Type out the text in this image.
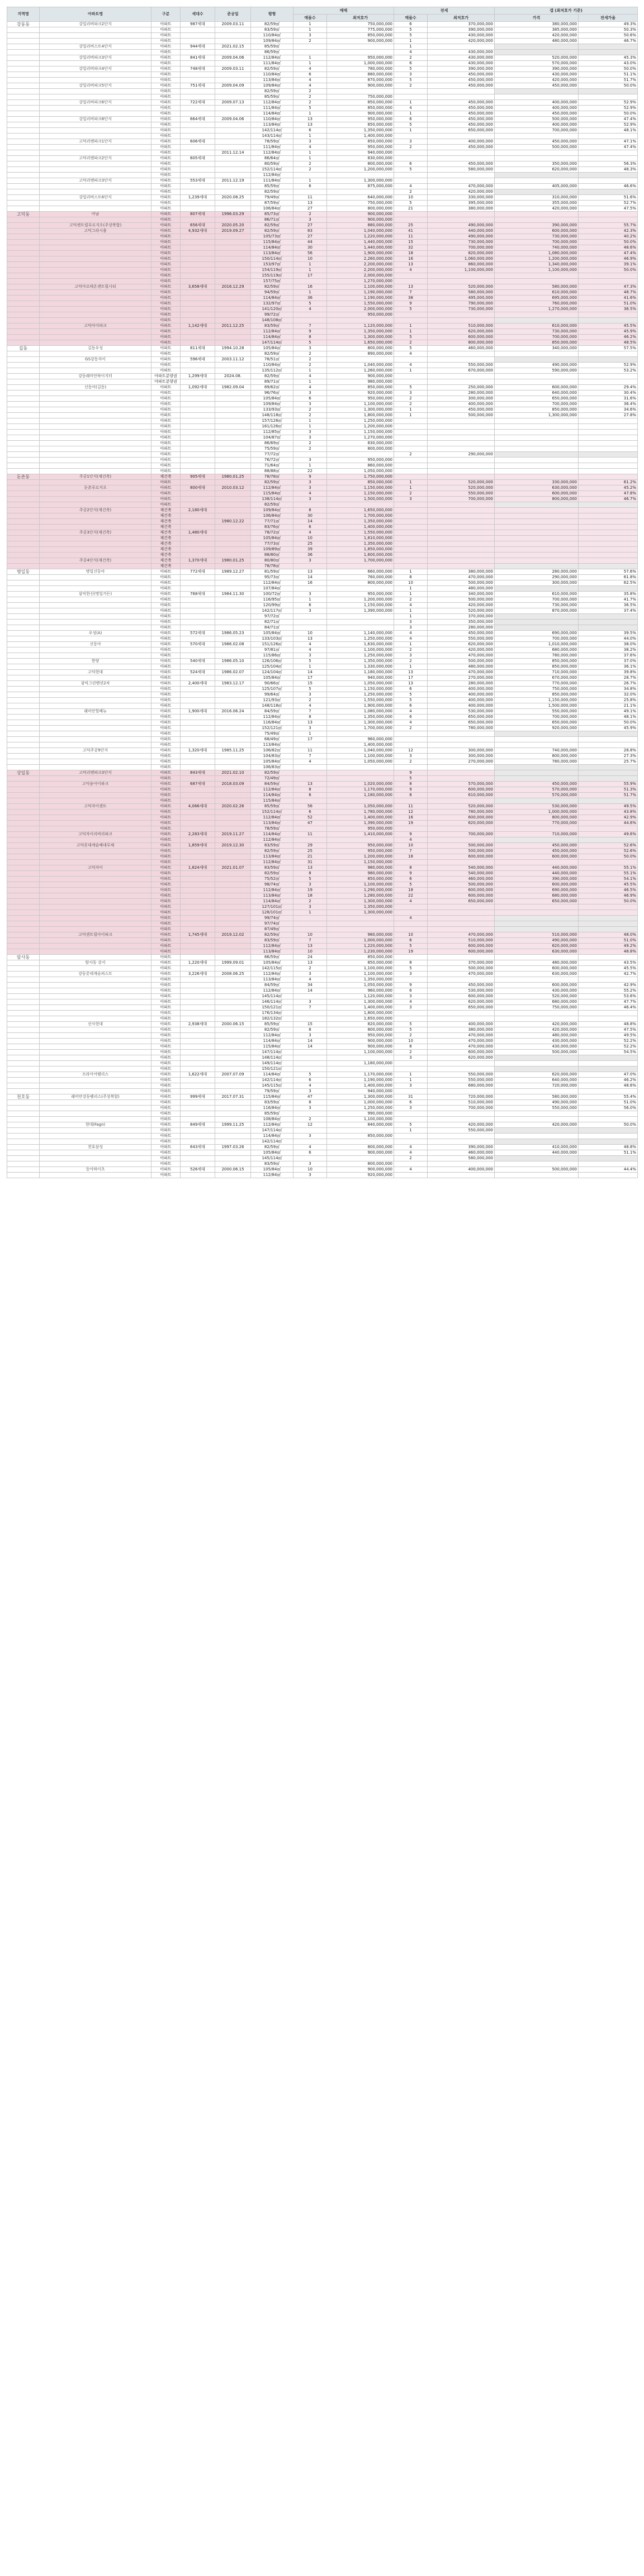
지역명	아파트명	구분	세대수	준공일	평형	매매		전세		갭 (최저호가 기준)	
						매물수	최저호가	매물수	최저호가	가격	전세가율
강동동	강일리버파크2단지	아파트	987세대	2009.03.11	82/59㎡	1	750,000,000	6	370,000,000	380,000,000	49.3%
		아파트			83/59㎡	1	775,000,000	5	390,000,000	385,000,000	50.3%
		아파트			110/84㎡	3	850,000,000	5	430,000,000	420,000,000	50.6%
		아파트			109/84㎡	2	900,000,000	1	420,000,000	480,000,000	46.7%
	강일리버스트4단지	아파트	944세대	2021.02.15	85/59㎡			1			
		아파트			86/59㎡			4	430,000,000		
	강일리버파크3단지	아파트	841세대	2009.04.06	112/84㎡	1	950,000,000	2	430,000,000	520,000,000	45.3%
		아파트			111/84㎡	1	1,000,000,000	6	430,000,000	570,000,000	43.0%
	강일리버파크4단지	아파트	748세대	2009.03.11	82/59㎡	4	780,000,000	5	390,000,000	390,000,000	50.0%
		아파트			110/84㎡	6	880,000,000	3	450,000,000	430,000,000	51.1%
		아파트			113/84㎡	4	870,000,000	5	450,000,000	420,000,000	51.7%
	강일리버파크5단지	아파트	751세대	2009.04.09	109/84㎡	4	900,000,000	2	450,000,000	450,000,000	50.0%
		아파트			82/59㎡	2					
		아파트			85/59㎡	2	750,000,000				
	강일리버파크6단지	아파트	722세대	2009.07.13	112/84㎡	2	850,000,000	1	450,000,000	400,000,000	52.9%
		아파트			111/84㎡	5	850,000,000	4	450,000,000	400,000,000	52.9%
		아파트			114/84㎡	1	900,000,000	1	450,000,000	450,000,000	50.0%
	강일리버파크8단지	아파트	664세대	2009.04.06	110/84㎡	13	950,000,000	6	450,000,000	500,000,000	47.4%
		아파트			113/84㎡	13	850,000,000	5	450,000,000	400,000,000	52.9%
		아파트			142/114㎡	6	1,350,000,000	1	650,000,000	700,000,000	48.1%
		아파트			143/114㎡	1	1,400,000,000				
	고덕리엔파크1단지	아파트	606세대		78/59㎡	3	850,000,000	3	400,000,000	450,000,000	47.1%
		아파트			111/84㎡	4	950,000,000	2	450,000,000	500,000,000	47.4%
		아파트		2011.12.14	112/84㎡	1	940,000,000				
	고덕리엔파크2단지	아파트	605세대		86/64㎡	1	830,000,000				
		아파트			80/59㎡	2	800,000,000	6	450,000,000	350,000,000	56.3%
		아파트			152/114㎡	2	1,200,000,000	5	580,000,000	620,000,000	48.3%
		아파트			112/84㎡						
	고덕리엔파크3단지	아파트	553세대	2011.12.19	111/84㎡	1	1,300,000,000				
		아파트			85/59㎡	6	875,000,000	4	470,000,000	405,000,000	46.6%
		아파트			82/59㎡			2	420,000,000		
	강일리버스트6단지	아파트	1,239세대	2020.08.25	79/49㎡	11	640,000,000	10	330,000,000	310,000,000	51.6%
		아파트			87/59㎡	13	750,000,000	5	395,000,000	355,000,000	52.7%
		아파트			106/84㎡	27	800,000,000	21	380,000,000	420,000,000	47.5%
고덕동	아남	아파트	807세대	1996.03.29	85/73㎡	2	900,000,000				
		아파트			86/71㎡	3	900,000,000				
	고덕센트럴푸르지오(주상복합)	아파트	656세대	2020.05.20	82/59㎡	27	880,000,000	25	490,000,000	390,000,000	55.7%
	고덕그라시움	아파트	4,932세대	2019.09.27	82/59㎡	83	1,040,000,000	41	440,000,000	600,000,000	42.3%
		아파트			105/73㎡	27	1,220,000,000	11	490,000,000	730,000,000	40.2%
		아파트			115/84㎡	44	1,440,000,000	15	730,000,000	700,000,000	50.0%
		아파트			114/84㎡	30	1,440,000,000	32	700,000,000	740,000,000	48.6%
		아파트			113/84㎡	56	1,900,000,000	18	820,000,000	1,080,000,000	47.4%
		아파트			150/114㎡	10	2,260,000,000	16	1,060,000,000	1,200,000,000	46.9%
		아파트			153/97㎡	1	2,200,000,000	13	860,000,000	1,340,000,000	39.1%
		아파트			154/119㎡	1	2,200,000,000	4	1,100,000,000	1,100,000,000	50.0%
		아파트			155/119㎡	17	2,000,000,000				
		아파트			157/75㎡		1,270,000,000				
	고덕아르테온센트럴시티	아파트	3,658세대	2016.12.29	82/59㎡	16	1,100,000,000	13	520,000,000	580,000,000	47.3%
		아파트			94/59㎡	1	1,190,000,000	7	580,000,000	610,000,000	48.7%
		아파트			114/84㎡	36	1,190,000,000	38	495,000,000	695,000,000	41.6%
		아파트			132/97㎡	5	1,550,000,000	9	790,000,000	760,000,000	51.0%
		아파트			141/120㎡	4	2,000,000,000	5	730,000,000	1,270,000,000	36.5%
		아파트			99/72㎡		950,000,000				
		아파트			148/108㎡						
	고덕아이파크	아파트	1,142세대	2011.12.25	83/59㎡	7	1,120,000,000	1	510,000,000	610,000,000	45.5%
		아파트			112/84㎡	9	1,350,000,000	1	620,000,000	730,000,000	45.9%
		아파트			114/84㎡	8	1,300,000,000	5	600,000,000	700,000,000	46.2%
		아파트			147/114㎡	5	1,650,000,000	2	800,000,000	850,000,000	48.5%
길동	길동우성	아파트	811세대	1994.10.28	105/84㎡	3	800,000,000	5	460,000,000	340,000,000	57.5%
		아파트			82/59㎡	2	890,000,000	4			
	GS강동자이	아파트	596세대	2003.11.12	78/51㎡	2					
		아파트			110/84㎡	2	1,040,000,000	4	550,000,000	490,000,000	52.9%
		아파트			135/112㎡	1	1,260,000,000	1	670,000,000	590,000,000	53.2%
	강동래미안하이지터	아파트분양권	1,299세대	2024.08.	82/59㎡	4	900,000,000				
		아파트분양권			89/71㎡	1	980,000,000				
	신동아(길동)	아파트	1,092세대	1982.09.04	89/62㎡	4	850,000,000	5	250,000,000	600,000,000	29.4%
		아파트			96/76㎡	3	920,000,000	3	280,000,000	640,000,000	30.4%
		아파트			105/84㎡	6	950,000,000	2	300,000,000	650,000,000	31.6%
		아파트			109/84㎡	3	1,100,000,000	2	400,000,000	700,000,000	36.4%
		아파트			133/93㎡	2	1,300,000,000	1	450,000,000	850,000,000	34.6%
		아파트			148/118㎡	2	1,800,000,000	1	500,000,000	1,300,000,000	27.8%
		아파트			157/126㎡	1	1,250,000,000				
		아파트			161/126㎡	1	1,200,000,000				
		아파트			112/85㎡	3	1,150,000,000				
		아파트			104/87㎡	3	1,270,000,000				
		아파트			86/69㎡	2	830,000,000				
		아파트			75/59㎡	2	800,000,000				
		아파트			77/72㎡			2	290,000,000		
		아파트			76/72㎡	3	950,000,000				
		아파트			71/64㎡	1	860,000,000				
		아파트			88/88㎡	22	1,050,000,000				
둔촌동	주공1단지(재건축)	재건축	905세대	1980.01.25	78/78㎡	9	1,750,000,000				
		아파트			82/59㎡	3	850,000,000	1	520,000,000	330,000,000	61.2%
	둔촌푸르지오	아파트	800세대	2010.03.12	112/84㎡	3	1,150,000,000	1	520,000,000	630,000,000	45.2%
		아파트			115/84㎡	4	1,150,000,000	2	550,000,000	600,000,000	47.8%
		아파트			138/114㎡	3	1,500,000,000	3	700,000,000	800,000,000	46.7%
		아파트			82/59㎡						
	주공2단지(재건축)	재건축	2,180세대		109/84㎡	8	1,650,000,000				
		재건축			106/84㎡	30	1,700,000,000				
		재건축		1980.12.22	77/71㎡	14	1,350,000,000				
		재건축			83/76㎡	6	1,400,000,000				
	주공3단지(재건축)	재건축	1,480세대		78/72㎡	4	1,550,000,000				
		재건축			105/84㎡	10	1,810,000,000				
		재건축			77/73㎡	25	1,350,000,000				
		재건축			109/89㎡	39	1,850,000,000				
		재건축			88/80㎡	36	1,600,000,000				
	주공4단지(재건축)	재건축	1,370세대	1980.01.25	80/80㎡	3	1,700,000,000				
		재건축			78/78㎡						
명일동	명일신동아	아파트	772세대	1989.12.27	81/59㎡	13	660,000,000	1	380,000,000	280,000,000	57.6%
		아파트			95/73㎡	14	760,000,000	8	470,000,000	290,000,000	61.8%
		아파트			112/84㎡	16	800,000,000	10	500,000,000	300,000,000	62.5%
		아파트			107/84㎡			1	480,000,000		
	삼익한신(명일가든)	아파트	768세대	1984.11.30	100/72㎡	3	950,000,000	1	340,000,000	610,000,000	35.8%
		아파트			116/95㎡	1	1,200,000,000	2	500,000,000	700,000,000	41.7%
		아파트			120/99㎡	6	1,150,000,000	4	420,000,000	730,000,000	36.5%
		아파트			142/117㎡	3	1,390,000,000	1	520,000,000	870,000,000	37.4%
		아파트			97/72㎡			1	370,000,000		
		아파트			82/71㎡			3	350,000,000		
		아파트			84/71㎡			3	280,000,000		
	우성(A)	아파트	572세대	1986.05.23	105/84㎡	10	1,140,000,000	4	450,000,000	690,000,000	39.5%
		아파트			133/103㎡	13	1,250,000,000	4	550,000,000	700,000,000	44.0%
	신동아	아파트	570세대	1986.02.08	151/126㎡	4	1,630,000,000	1	620,000,000	1,010,000,000	38.0%
		아파트			97/81㎡	4	1,100,000,000	2	420,000,000	680,000,000	38.2%
		아파트			115/86㎡	3	1,250,000,000	3	470,000,000	780,000,000	37.6%
	한양	아파트	540세대	1986.05.10	126/106㎡	5	1,350,000,000	2	500,000,000	850,000,000	37.0%
		아파트			125/104㎡	1	1,330,000,000	1	480,000,000	850,000,000	36.1%
	고덕현대	아파트	524세대	1986.02.07	124/104㎡	14	1,180,000,000	13	470,000,000	710,000,000	39.8%
		아파트			105/84㎡	17	940,000,000	17	270,000,000	670,000,000	28.7%
	삼익그린맨션2차	아파트	2,400세대	1983.12.17	90/66㎡	15	1,050,000,000	13	280,000,000	770,000,000	26.7%
		아파트			125/107㎡	5	1,150,000,000	6	400,000,000	750,000,000	34.8%
		아파트			99/64㎡	3	1,250,000,000	5	400,000,000	850,000,000	32.0%
		아파트			121/93㎡	2	1,550,000,000	5	400,000,000	1,150,000,000	25.8%
		아파트			148/118㎡	4	1,900,000,000	6	400,000,000	1,500,000,000	21.1%
	래미안힐베뉴	아파트	1,900세대	2016.06.24	84/59㎡	7	1,080,000,000	4	530,000,000	550,000,000	49.1%
		아파트			112/84㎡	8	1,350,000,000	6	650,000,000	700,000,000	48.1%
		아파트			116/84㎡	13	1,300,000,000	4	650,000,000	650,000,000	50.0%
		아파트			152/121㎡	3	1,700,000,000	2	780,000,000	920,000,000	45.9%
		아파트			75/49㎡	1					
		아파트			68/49㎡	17	960,000,000				
		아파트			113/84㎡		1,400,000,000				
	고덕주공9단지	아파트	1,320세대	1985.11.25	106/82㎡	11	1,040,000,000	12	300,000,000	740,000,000	28.8%
		아파트			104/83㎡	7	1,100,000,000	3	300,000,000	800,000,000	27.3%
		아파트			105/84㎡	4	1,050,000,000	2	270,000,000	780,000,000	25.7%
		아파트			106/83㎡						
상일동	고덕리엔파크3단지	아파트	843세대	2021.02.10	82/59㎡			9			
		아파트			72/49㎡			5			
	고덕숲아이파크	아파트	687세대	2018.03.09	84/59㎡	13	1,020,000,000	8	570,000,000	450,000,000	55.9%
		아파트			112/84㎡	8	1,170,000,000	9	600,000,000	570,000,000	51.3%
		아파트			114/84㎡	6	1,180,000,000	8	610,000,000	570,000,000	51.7%
		아파트			115/84㎡						
	고덕자이센트	아파트	4,066세대	2020.02.26	85/59㎡	56	1,050,000,000	11	520,000,000	530,000,000	49.5%
		아파트			152/114㎡	6	1,780,000,000	12	780,000,000	1,000,000,000	43.8%
		아파트			112/84㎡	52	1,400,000,000	16	600,000,000	800,000,000	42.9%
		아파트			113/84㎡	47	1,390,000,000	19	620,000,000	770,000,000	44.6%
		아파트			78/59㎡		950,000,000				
	고덕자이리버리파크	아파트	2,283세대	2019.11.27	114/84㎡	11	1,410,000,000	9	700,000,000	710,000,000	49.6%
		아파트			112/84㎡			4			
	고덕롯데캐슬베네루체	아파트	1,859세대	2019.12.30	83/59㎡	29	950,000,000	10	500,000,000	450,000,000	52.6%
		아파트			82/59㎡	25	950,000,000	7	500,000,000	450,000,000	52.6%
		아파트			113/84㎡	21	1,200,000,000	18	600,000,000	600,000,000	50.0%
		아파트			112/84㎡	31	1,150,000,000				
	고덕자이	아파트	1,824세대	2021.01.07	83/59㎡	13	980,000,000	8	540,000,000	440,000,000	55.1%
		아파트			82/59㎡	8	980,000,000	9	540,000,000	440,000,000	55.1%
		아파트			75/52㎡	5	850,000,000	6	460,000,000	390,000,000	54.1%
		아파트			98/74㎡	3	1,100,000,000	5	500,000,000	600,000,000	45.5%
		아파트			112/84㎡	19	1,290,000,000	18	600,000,000	690,000,000	46.5%
		아파트			113/84㎡	18	1,280,000,000	22	600,000,000	680,000,000	46.9%
		아파트			114/84㎡	2	1,300,000,000	4	650,000,000	650,000,000	50.0%
		아파트			127/101㎡	3	1,350,000,000				
		아파트			128/101㎡	1	1,300,000,000				
		아파트			99/74㎡			4			
		아파트			97/74㎡						
		아파트			87/49㎡						
	고덕센트럴아이파크	아파트	1,745세대	2019.12.02	82/59㎡	10	980,000,000	10	470,000,000	510,000,000	48.0%
		아파트			83/59㎡	7	1,000,000,000	6	510,000,000	490,000,000	51.0%
		아파트			112/84㎡	13	1,220,000,000	5	600,000,000	620,000,000	49.2%
		아파트			113/84㎡	10	1,230,000,000	19	600,000,000	630,000,000	48.8%
암사동		아파트			86/59㎡	24	850,000,000				
	암사동 강서	아파트	1,220세대	1999.09.01	105/84㎡	13	850,000,000	8	370,000,000	480,000,000	43.5%
		아파트			142/115㎡	2	1,100,000,000	5	500,000,000	600,000,000	45.5%
	강동롯데캐슬퍼스트	아파트	3,226세대	2008.06.25	112/84㎡	3	1,100,000,000	3	470,000,000	630,000,000	42.7%
		아파트			113/84㎡	4	1,350,000,000				
		아파트			84/59㎡	34	1,050,000,000	9	450,000,000	600,000,000	42.9%
		아파트			112/84㎡	14	960,000,000	6	530,000,000	430,000,000	55.2%
		아파트			145/114㎡		1,120,000,000	3	600,000,000	520,000,000	53.6%
		아파트			146/114㎡	3	1,300,000,000	4	620,000,000	680,000,000	47.7%
		아파트			150/121㎡	7	1,400,000,000	3	650,000,000	750,000,000	46.4%
		아파트			176/134㎡		1,800,000,000				
		아파트			182/132㎡		1,650,000,000				
	선사현대	아파트	2,938세대	2000.06.15	85/59㎡	15	820,000,000	5	400,000,000	420,000,000	48.8%
		아파트			82/59㎡	8	800,000,000	5	380,000,000	420,000,000	47.5%
		아파트			112/84㎡	3	950,000,000	2	470,000,000	480,000,000	49.5%
		아파트			114/84㎡	14	900,000,000	10	470,000,000	430,000,000	52.2%
		아파트			115/84㎡	14	900,000,000	8	470,000,000	430,000,000	52.2%
		아파트			147/114㎡		1,100,000,000	2	600,000,000	500,000,000	54.5%
		아파트			148/114㎡			3	620,000,000		
		아파트			149/114㎡		1,180,000,000				
		아파트			150/121㎡						
	프라이어팰리스	아파트	1,622세대	2007.07.09	114/84㎡	5	1,170,000,000	1	550,000,000	620,000,000	47.0%
		아파트			142/114㎡	6	1,190,000,000	1	550,000,000	640,000,000	46.2%
		아파트			145/115㎡	4	1,400,000,000	3	680,000,000	720,000,000	48.6%
		아파트			79/59㎡	3	940,000,000				
천호동	래미안강동팰리스(주상복합)	아파트	999세대	2017.07.31	115/84㎡	47	1,300,000,000	31	720,000,000	580,000,000	55.4%
		아파트			83/59㎡	8	1,000,000,000	6	510,000,000	490,000,000	51.0%
		아파트			116/84㎡	3	1,250,000,000	3	700,000,000	550,000,000	56.0%
		아파트			85/59㎡		990,000,000				
		아파트			108/84㎡	2	1,100,000,000				
	현대(Fagn)	아파트	849세대	1999.11.25	112/84㎡	12	840,000,000	5	420,000,000	420,000,000	50.0%
		아파트			147/114㎡			1	550,000,000		
		아파트			114/84㎡	3	850,000,000				
		아파트			142/114㎡						
	천호삼성	아파트	643세대	1997.03.26	82/59㎡	4	800,000,000	4	390,000,000	410,000,000	48.8%
		아파트			105/84㎡	6	900,000,000	4	460,000,000	440,000,000	51.1%
		아파트			145/114㎡			2	580,000,000		
		아파트			83/59㎡	3	800,000,000				
	동아하이츠	아파트	526세대	2000.06.15	105/84㎡	10	900,000,000	4	400,000,000	500,000,000	44.4%
		아파트			112/84㎡	3	920,000,000				
